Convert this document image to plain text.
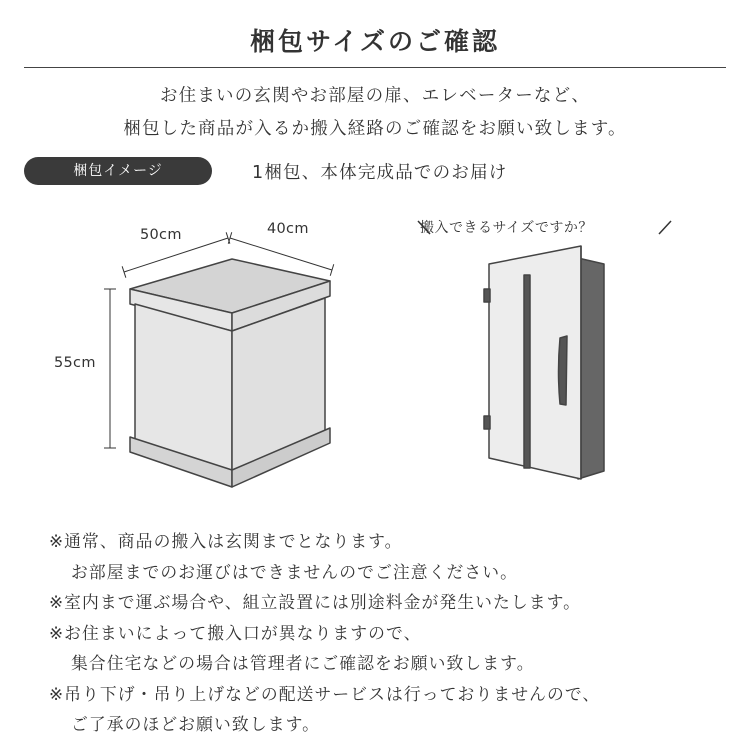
梱包サイズのご確認
お住まいの玄関やお部屋の扉、エレベーターなど、
梱包した商品が入るか搬入経路のご確認をお願い致します。
梱包イメージ	1梱包、本体完成品でのお届け
50cm	40cm
55cm
搬入できるサイズですか？
※通常、商品の搬入は玄関までとなります。
お部屋までのお運びはできませんのでご注意ください。
※室内まで運ぶ場合や、組立設置には別途料金が発生いたします。
※お住まいによって搬入口が異なりますので、
集合住宅などの場合は管理者にご確認をお願い致します。
※吊り下げ・吊り上げなどの配送サービスは行っておりませんので、
ご了承のほどお願い致します。
